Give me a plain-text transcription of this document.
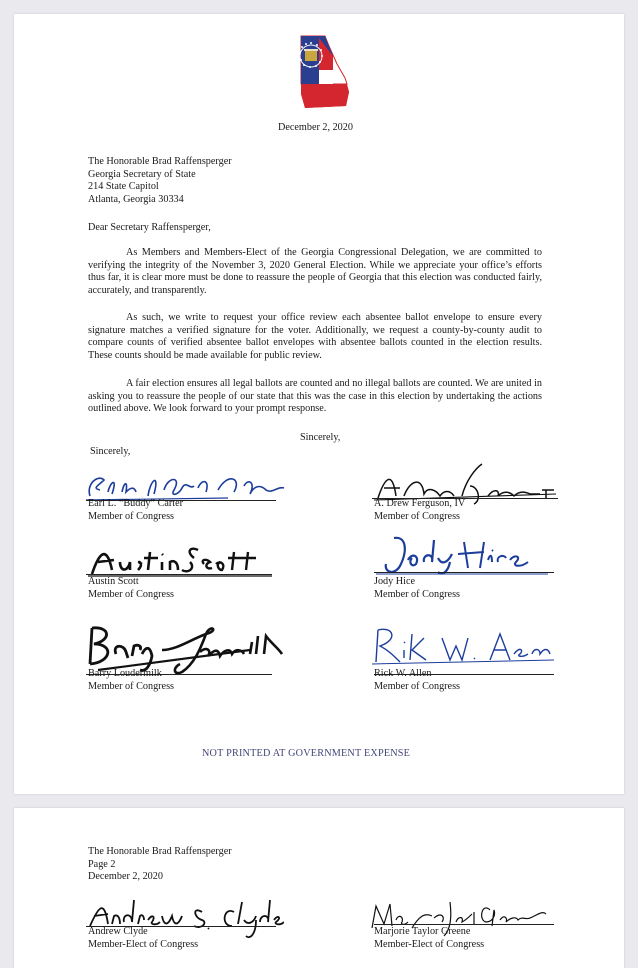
December 2, 2020
The Honorable Brad Raffensperger
Georgia Secretary of State
214 State Capitol
Atlanta, Georgia 30334
Dear Secretary Raffensperger,
As Members and Members-Elect of the Georgia Congressional Delegation, we are committed to verifying the integrity of the November 3, 2020 General Election. While we appreciate your office’s efforts thus far, it is clear more must be done to reassure the people of Georgia that this election was conducted fairly, accurately, and transparently.
As such, we write to request your office review each absentee ballot envelope to ensure every signature matches a verified signature for the voter. Additionally, we request a county-by-county audit to compare counts of verified absentee ballot envelopes with absentee ballots counted in the election results. These counts should be made available for public review.
A fair election ensures all legal ballots are counted and no illegal ballots are counted. We are united in asking you to reassure the people of our state that this was the case in this election by undertaking the actions outlined above. We look forward to your prompt response.
Sincerely,
Sincerely,
Earl L. “Buddy” Carter
Member of Congress
A. Drew Ferguson, IV
Member of Congress
Austin Scott
Member of Congress
Jody Hice
Member of Congress
Barry Loudermilk
Member of Congress
Rick W. Allen
Member of Congress
NOT PRINTED AT GOVERNMENT EXPENSE
The Honorable Brad Raffensperger
Page 2
December 2, 2020
Andrew Clyde
Member-Elect of Congress
Marjorie Taylor Greene
Member-Elect of Congress
